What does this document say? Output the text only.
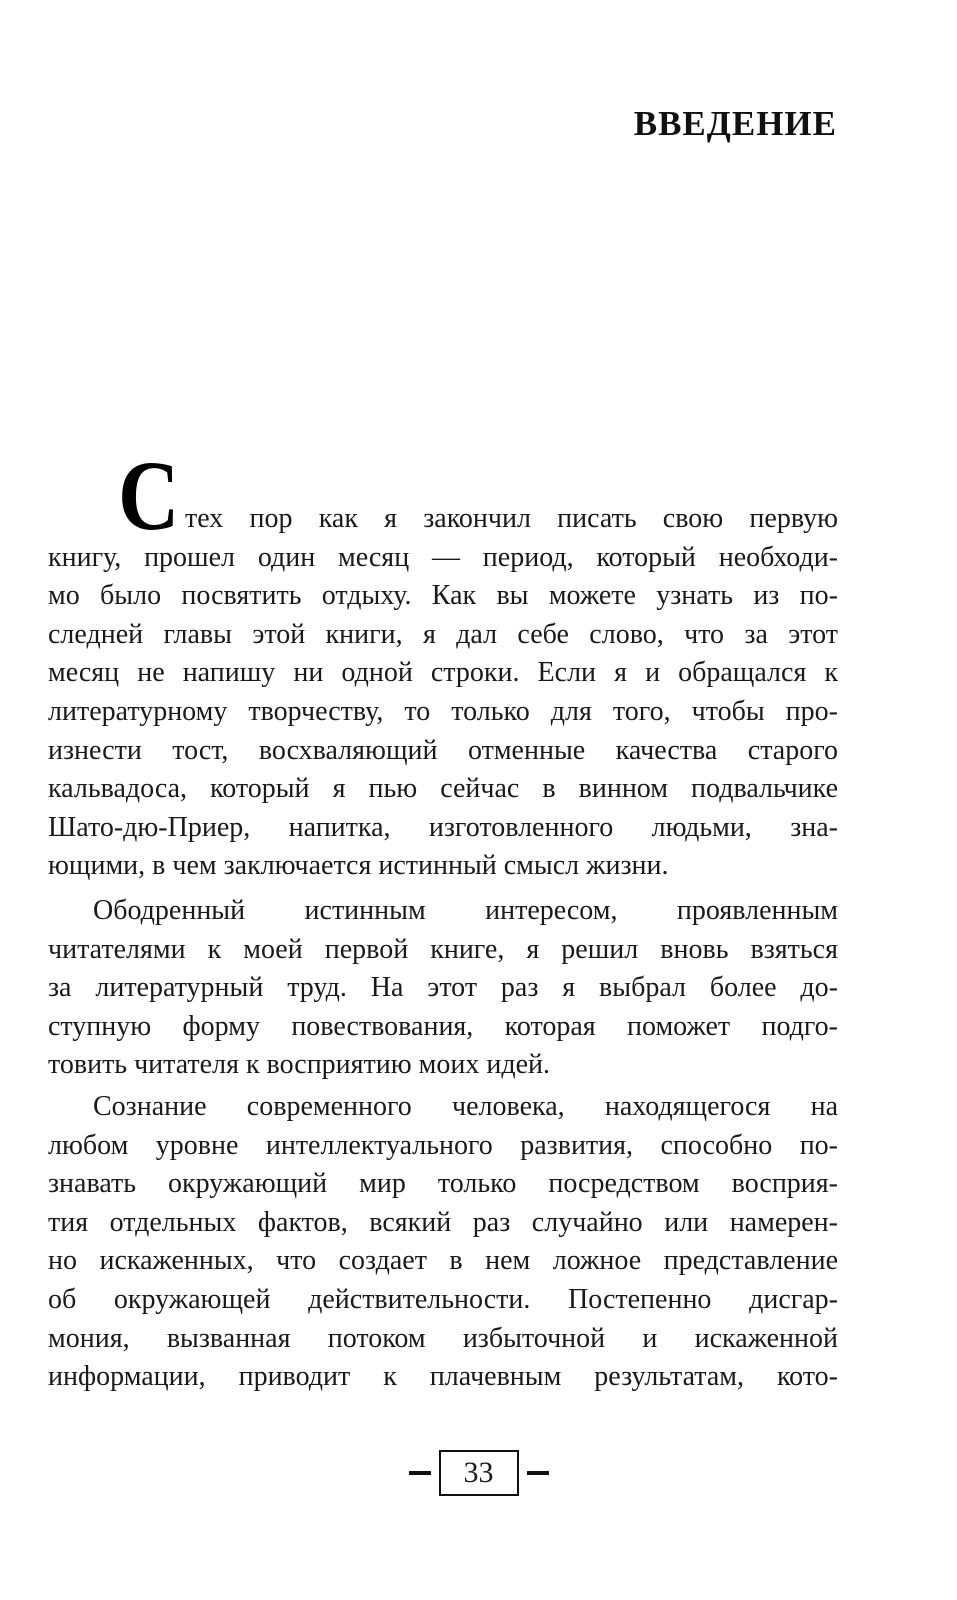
ВВЕДЕНИЕ
С тех пор как я закончил писать свою первую
книгу, прошел один месяц — период, который необходи-
мо было посвятить отдыху. Как вы можете узнать из по-
следней главы этой книги, я дал себе слово, что за этот
месяц не напишу ни одной строки. Если я и обращался к
литературному творчеству, то только для того, чтобы про-
изнести тост, восхваляющий отменные качества старого
кальвадоса, который я пью сейчас в винном подвальчике
Шато-дю-Приер, напитка, изготовленного людьми, зна-
ющими, в чем заключается истинный смысл жизни.
Ободренный истинным интересом, проявленным
читателями к моей первой книге, я решил вновь взяться
за литературный труд. На этот раз я выбрал более до-
ступную форму повествования, которая поможет подго-
товить читателя к восприятию моих идей.
Сознание современного человека, находящегося на
любом уровне интеллектуального развития, способно по-
знавать окружающий мир только посредством восприя-
тия отдельных фактов, всякий раз случайно или намерен-
но искаженных, что создает в нем ложное представление
об окружающей действительности. Постепенно дисгар-
мония, вызванная потоком избыточной и искаженной
информации, приводит к плачевным результатам, кото-
33
